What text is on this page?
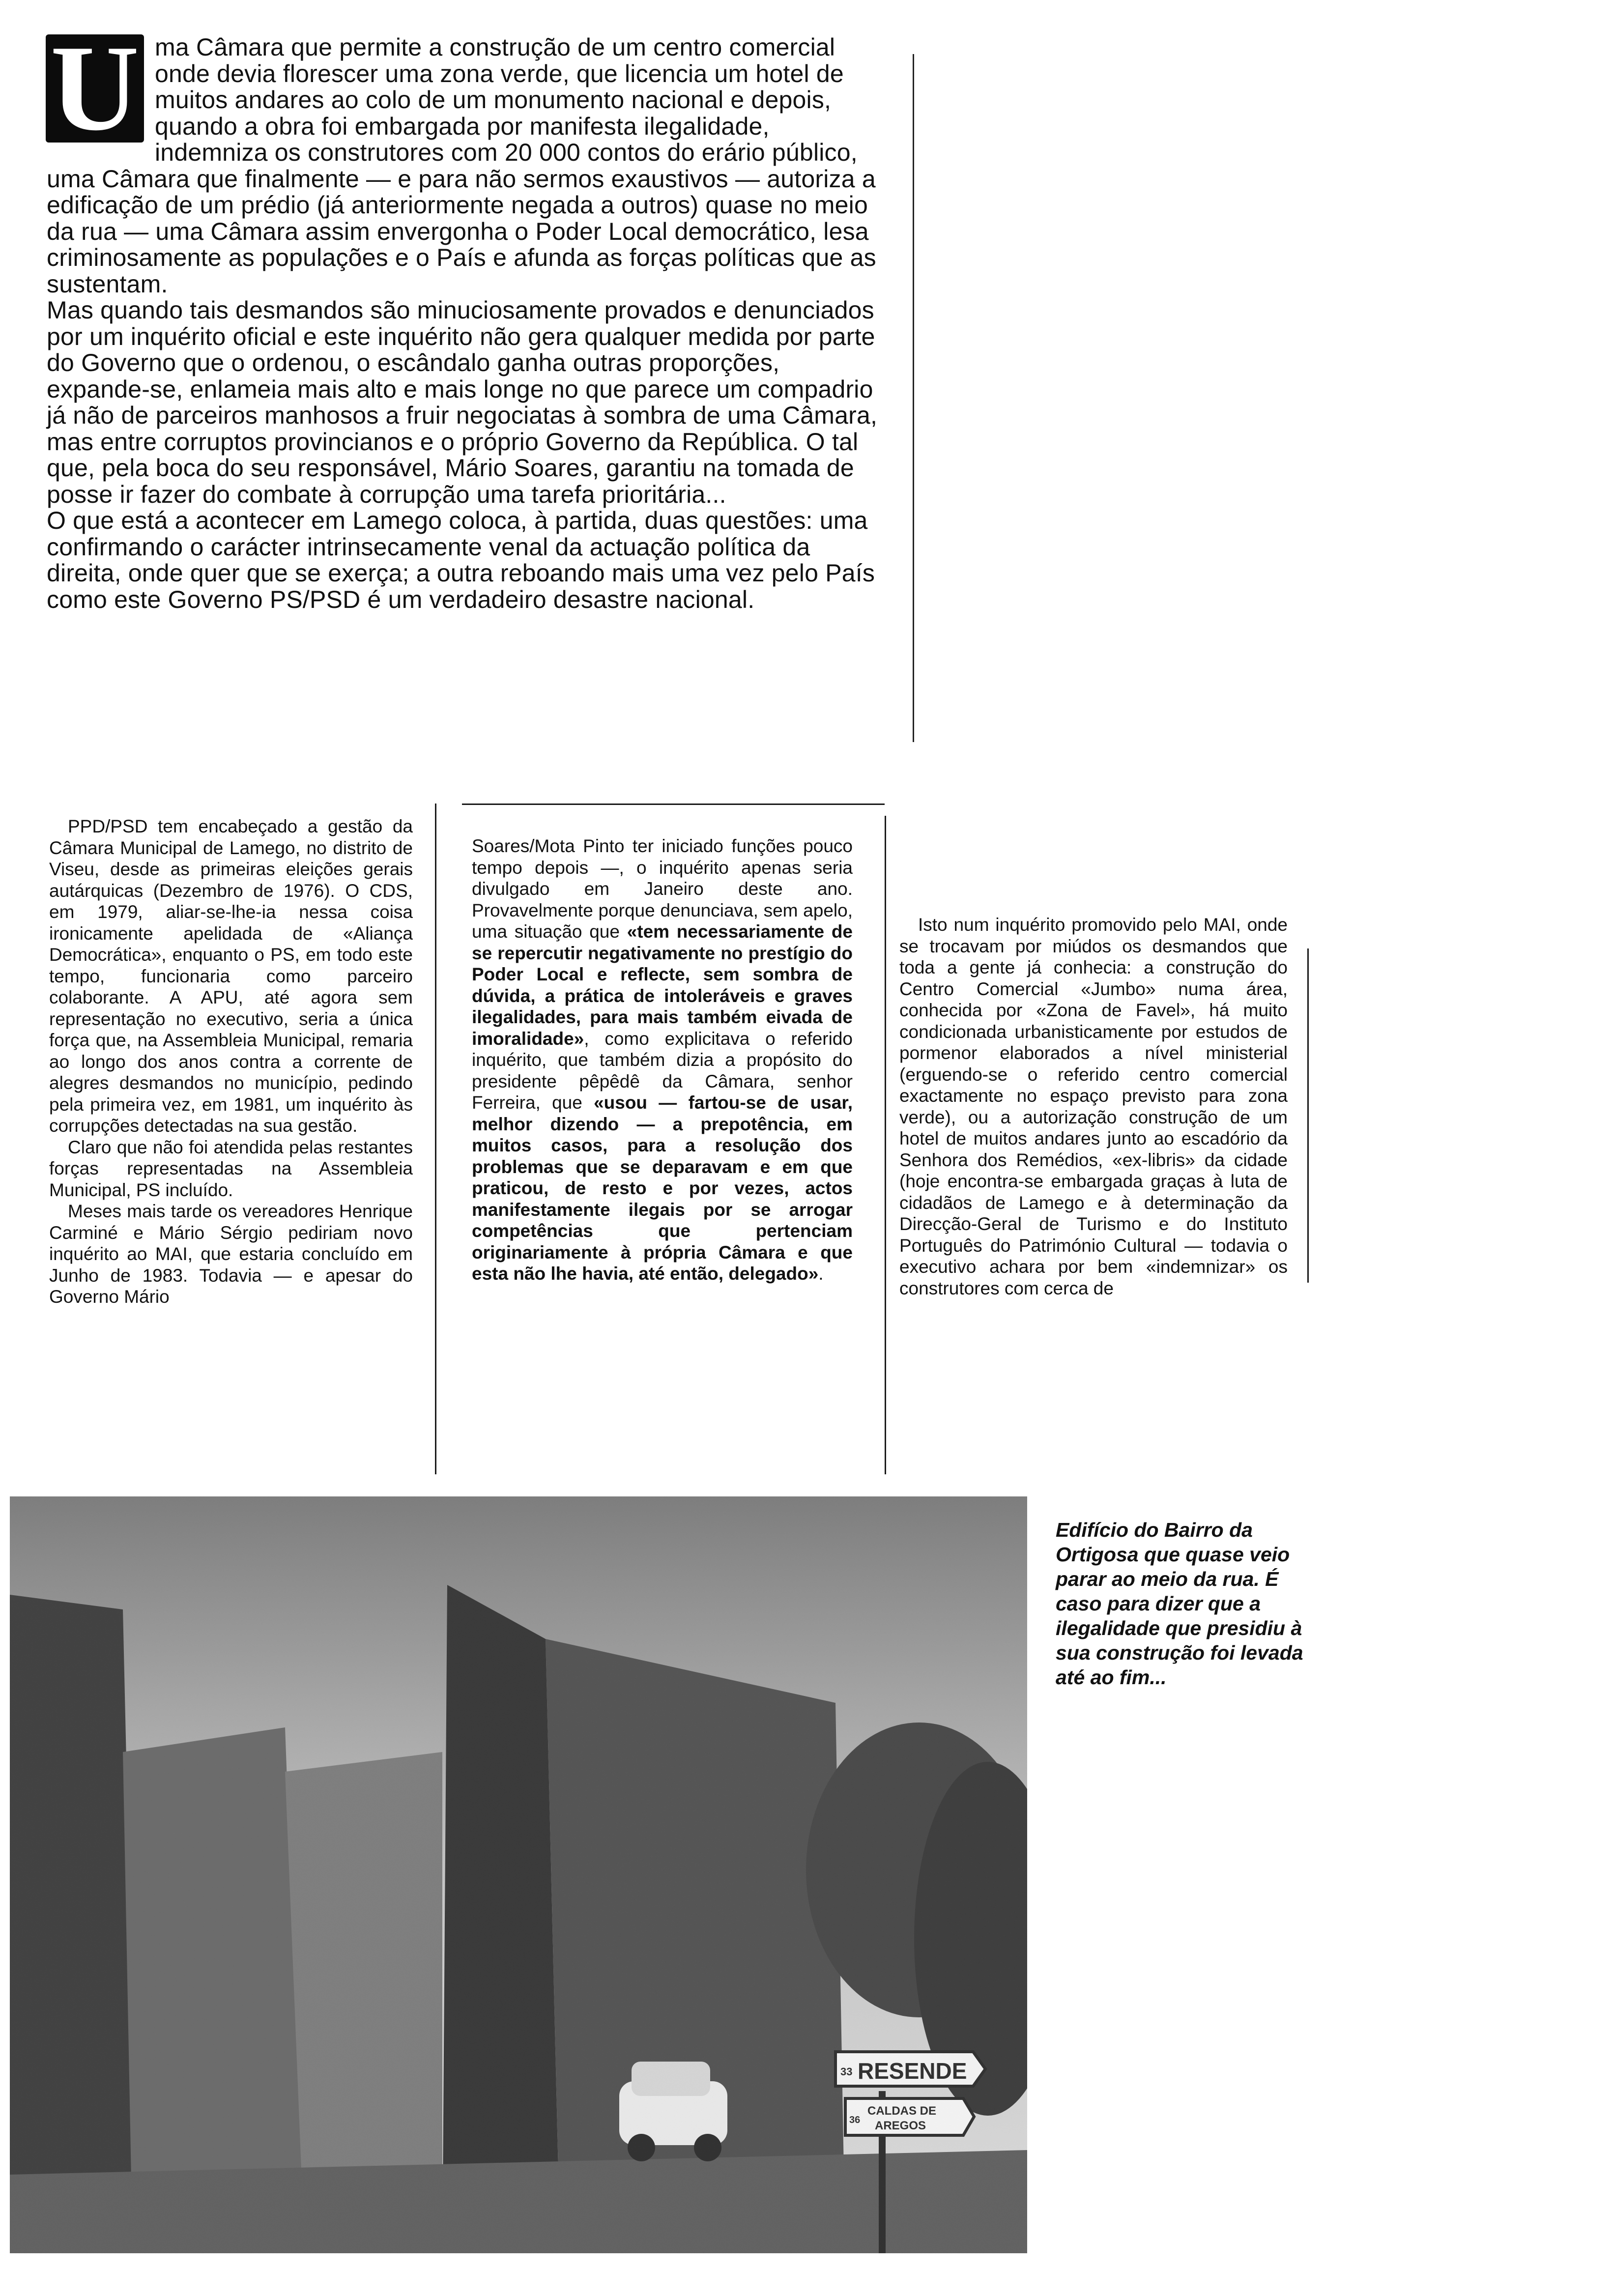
U ma Câmara que permite a construção de um centro comercial onde devia florescer uma zona verde, que licencia um hotel de muitos andares ao colo de um monumento nacional e depois, quando a obra foi embargada por manifesta ilegalidade, indemniza os construtores com 20 000 contos do erário público, uma Câmara que finalmente — e para não sermos exaustivos — autoriza a edificação de um prédio (já anteriormente negada a outros) quase no meio da rua — uma Câmara assim envergonha o Poder Local democrático, lesa criminosamente as populações e o País e afunda as forças políticas que as sustentam.

Mas quando tais desmandos são minuciosamente provados e denunciados por um inquérito oficial e este inquérito não gera qualquer medida por parte do Governo que o ordenou, o escândalo ganha outras proporções, expande-se, enlameia mais alto e mais longe no que parece um compadrio já não de parceiros manhosos a fruir negociatas à sombra de uma Câmara, mas entre corruptos provincianos e o próprio Governo da República. O tal que, pela boca do seu responsável, Mário Soares, garantiu na tomada de posse ir fazer do combate à corrupção uma tarefa prioritária...

O que está a acontecer em Lamego coloca, à partida, duas questões: uma confirmando o carácter intrinsecamente venal da actuação política da direita, onde quer que se exerça; a outra reboando mais uma vez pelo País como este Governo PS/PSD é um verdadeiro desastre nacional.

PPD/PSD tem encabeçado a gestão da Câmara Municipal de Lamego, no distrito de Viseu, desde as primeiras eleições gerais autárquicas (Dezembro de 1976). O CDS, em 1979, aliar-se-lhe-ia nessa coisa ironicamente apelidada de «Aliança Democrática», enquanto o PS, em todo este tempo, funcionaria como parceiro colaborante. A APU, até agora sem representação no executivo, seria a única força que, na Assembleia Municipal, remaria ao longo dos anos contra a corrente de alegres desmandos no município, pedindo pela primeira vez, em 1981, um inquérito às corrupções detectadas na sua gestão.

Claro que não foi atendida pelas restantes forças representadas na Assembleia Municipal, PS incluído.

Meses mais tarde os vereadores Henrique Carminé e Mário Sérgio pediriam novo inquérito ao MAI, que estaria concluído em Junho de 1983. Todavia — e apesar do Governo Mário

Soares/Mota Pinto ter iniciado funções pouco tempo depois —, o inquérito apenas seria divulgado em Janeiro deste ano. Provavelmente porque denunciava, sem apelo, uma situação que «tem necessariamente de se repercutir negativamente no prestígio do Poder Local e reflecte, sem sombra de dúvida, a prática de intoleráveis e graves ilegalidades, para mais também eivada de imoralidade», como explicitava o referido inquérito, que também dizia a propósito do presidente pêpêdê da Câmara, senhor Ferreira, que «usou — fartou-se de usar, melhor dizendo — a prepotência, em muitos casos, para a resolução dos problemas que se deparavam e em que praticou, de resto e por vezes, actos manifestamente ilegais por se arrogar competências que pertenciam originariamente à própria Câmara e que esta não lhe havia, até então, delegado».

Isto num inquérito promovido pelo MAI, onde se trocavam por miúdos os desmandos que toda a gente já conhecia: a construção do Centro Comercial «Jumbo» numa área, conhecida por «Zona de Favel», há muito condicionada urbanisticamente por estudos de pormenor elaborados a nível ministerial (erguendo-se o referido centro comercial exactamente no espaço previsto para zona verde), ou a autorização construção de um hotel de muitos andares junto ao escadório da Senhora dos Remédios, «ex-libris» da cidade (hoje encontra-se embargada graças à luta de cidadãos de Lamego e à determinação da Direcção-Geral de Turismo e do Instituto Português do Património Cultural — todavia o executivo achara por bem «indemnizar» os construtores com cerca de

33 RESENDE
36
CALDAS DE
AREGOS

Edifício do Bairro da Ortigosa que quase veio parar ao meio da rua. É caso para dizer que a ilegalidade que presidiu à sua construção foi levada até ao fim...
